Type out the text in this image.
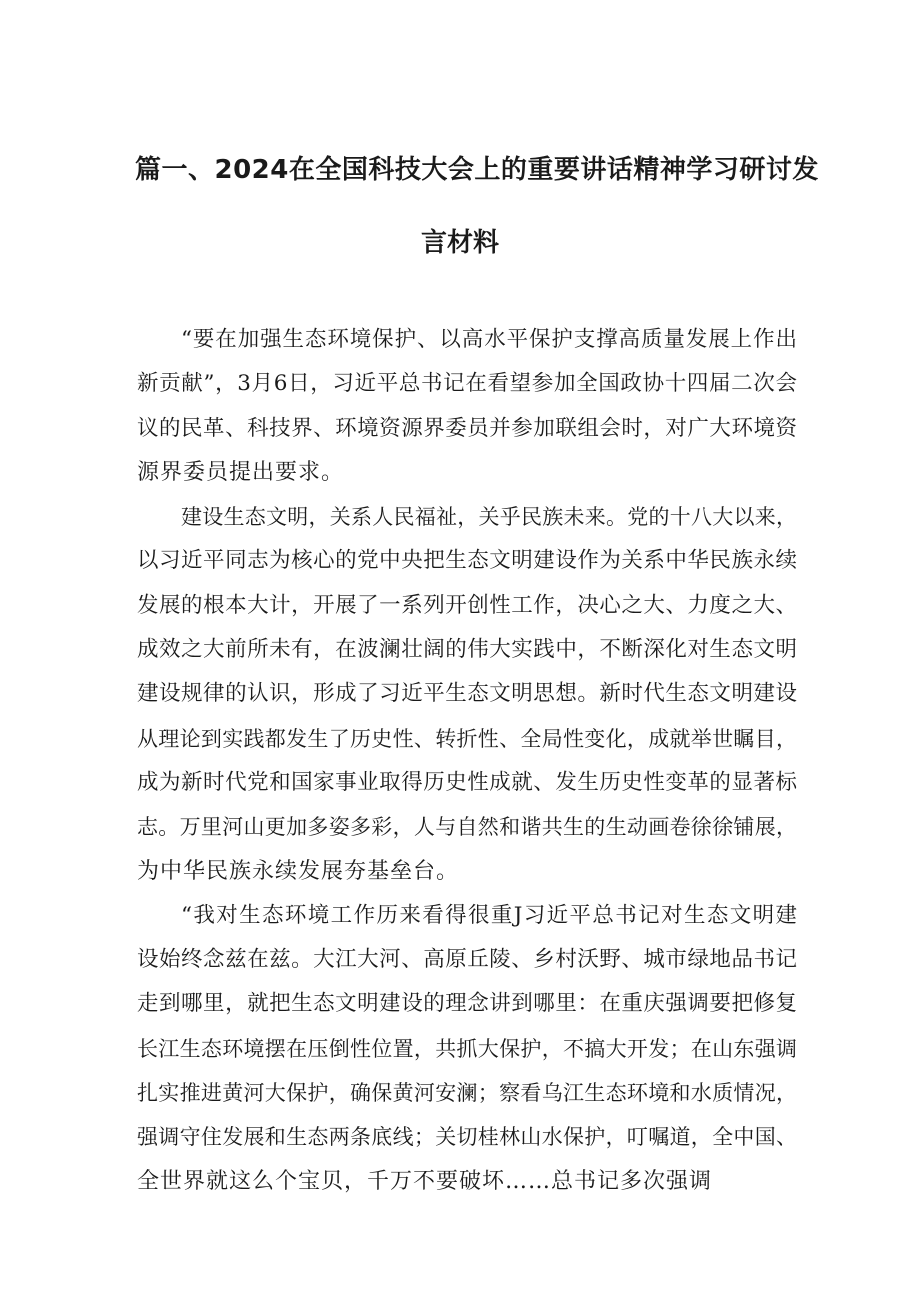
篇一、2024在全国科技大会上的重要讲话精神学习研讨发
言材料
“要在加强生态环境保护、以高水平保护支撑高质量发展上作出
新贡献”，3月6日，习近平总书记在看望参加全国政协十四届二次会
议的民革、科技界、环境资源界委员并参加联组会时，对广大环境资
源界委员提出要求。
建设生态文明，关系人民福祉，关乎民族未来。党的十八大以来，
以习近平同志为核心的党中央把生态文明建设作为关系中华民族永续
发展的根本大计，开展了一系列开创性工作，决心之大、力度之大、
成效之大前所未有，在波澜壮阔的伟大实践中，不断深化对生态文明
建设规律的认识，形成了习近平生态文明思想。新时代生态文明建设
从理论到实践都发生了历史性、转折性、全局性变化，成就举世瞩目，
成为新时代党和国家事业取得历史性成就、发生历史性变革的显著标
志。万里河山更加多姿多彩，人与自然和谐共生的生动画卷徐徐铺展，
为中华民族永续发展夯基垒台。
“我对生态环境工作历来看得很重J习近平总书记对生态文明建
设始终念兹在兹。大江大河、高原丘陵、乡村沃野、城市绿地品书记
走到哪里，就把生态文明建设的理念讲到哪里：在重庆强调要把修复
长江生态环境摆在压倒性位置，共抓大保护，不搞大开发；在山东强调
扎实推进黄河大保护，确保黄河安澜；察看乌江生态环境和水质情况，
强调守住发展和生态两条底线；关切桂林山水保护，叮嘱道，全中国、
全世界就这么个宝贝，千万不要破坏……总书记多次强调
